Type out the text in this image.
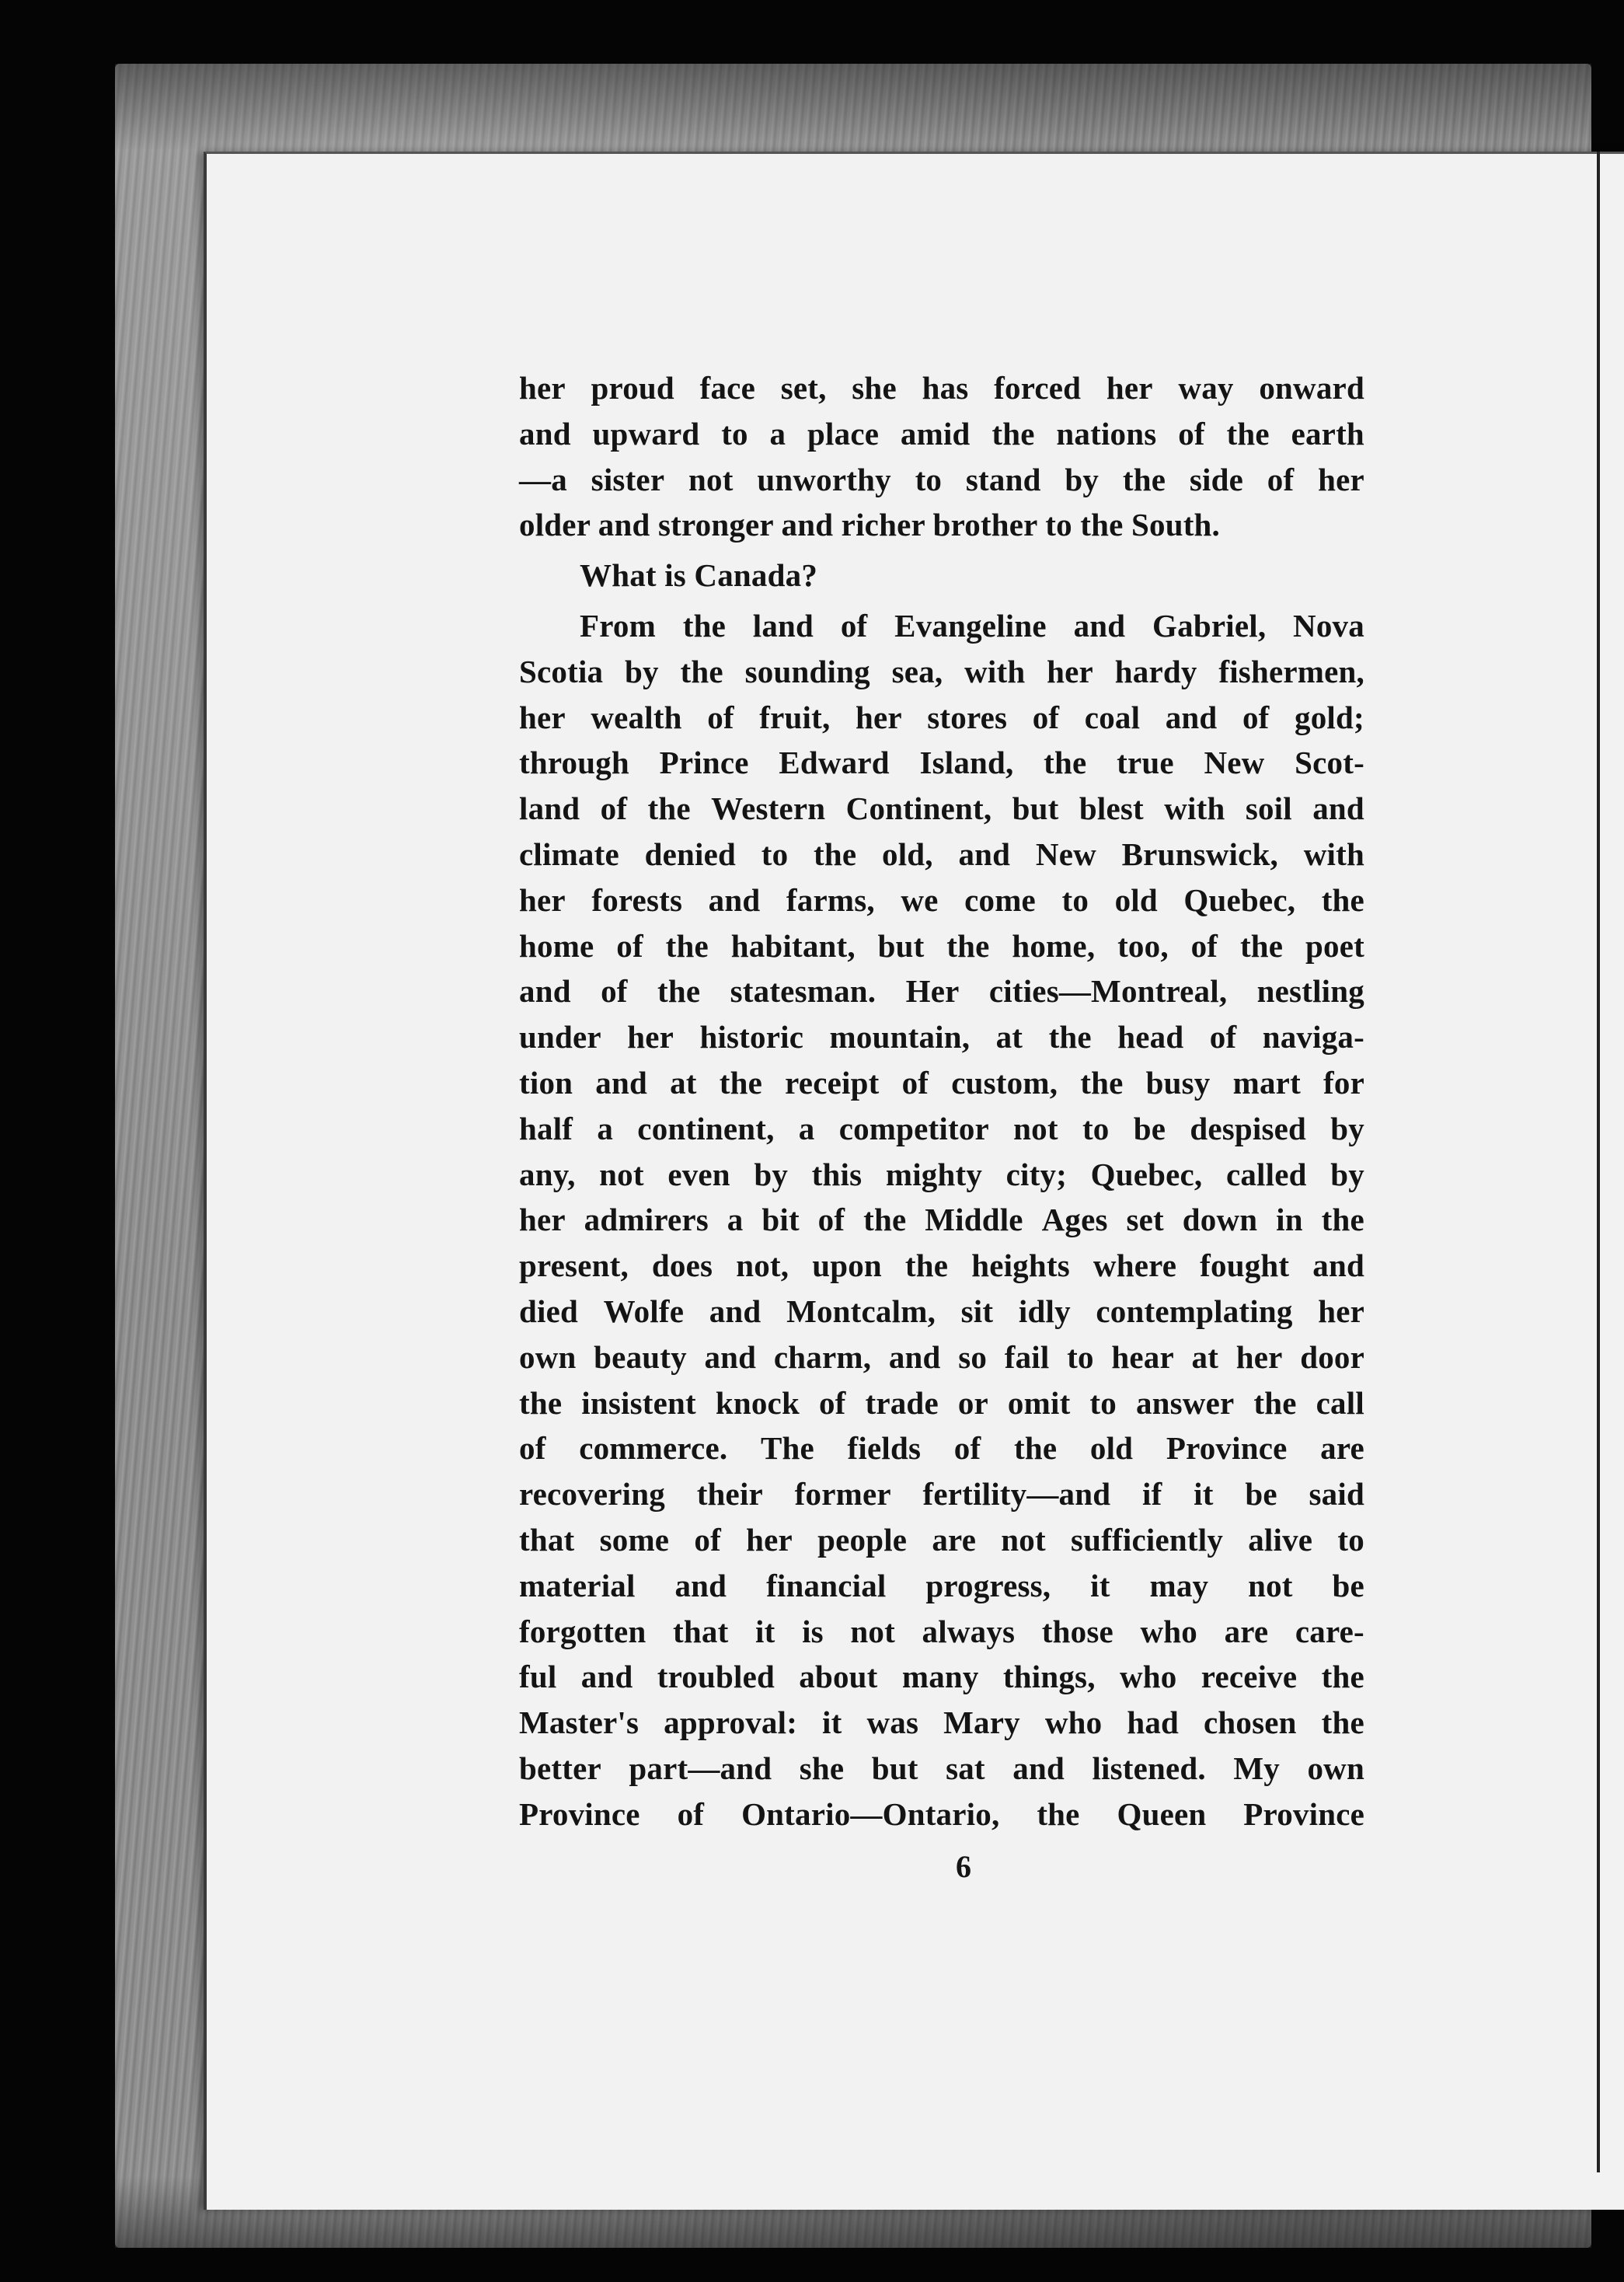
her proud face set, she has forced her way onward
and upward to a place amid the nations of the earth
—a sister not unworthy to stand by the side of her
older and stronger and richer brother to the South.
What is Canada?
From the land of Evangeline and Gabriel, Nova
Scotia by the sounding sea, with her hardy fishermen,
her wealth of fruit, her stores of coal and of gold;
through Prince Edward Island, the true New Scot-
land of the Western Continent, but blest with soil and
climate denied to the old, and New Brunswick, with
her forests and farms, we come to old Quebec, the
home of the habitant, but the home, too, of the poet
and of the statesman. Her cities—Montreal, nestling
under her historic mountain, at the head of naviga-
tion and at the receipt of custom, the busy mart for
half a continent, a competitor not to be despised by
any, not even by this mighty city; Quebec, called by
her admirers a bit of the Middle Ages set down in the
present, does not, upon the heights where fought and
died Wolfe and Montcalm, sit idly contemplating her
own beauty and charm, and so fail to hear at her door
the insistent knock of trade or omit to answer the call
of commerce. The fields of the old Province are
recovering their former fertility—and if it be said
that some of her people are not sufficiently alive to
material and financial progress, it may not be
forgotten that it is not always those who are care-
ful and troubled about many things, who receive the
Master's approval: it was Mary who had chosen the
better part—and she but sat and listened. My own
Province of Ontario—Ontario, the Queen Province
6
